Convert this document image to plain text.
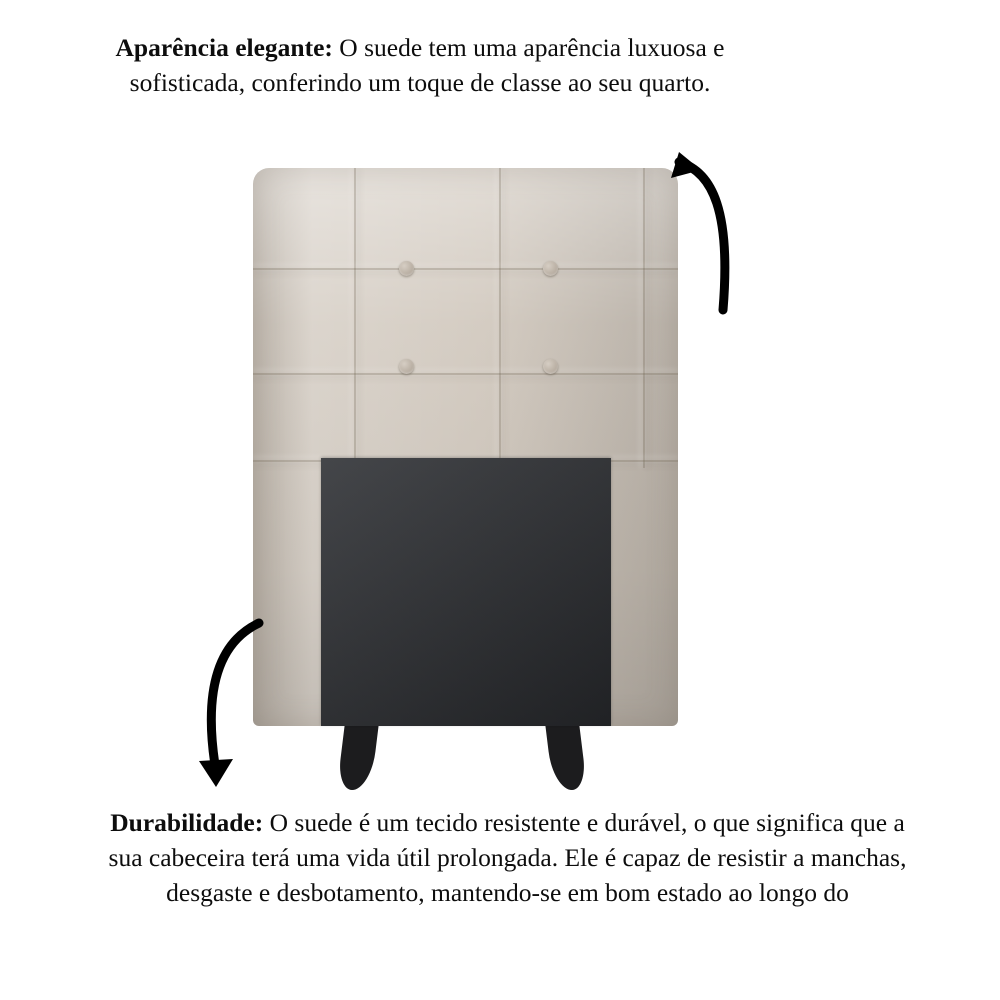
Aparência elegante: O suede tem uma aparência luxuosa e sofisticada, conferindo um toque de classe ao seu quarto.
Durabilidade: O suede é um tecido resistente e durável, o que significa que a sua cabeceira terá uma vida útil prolongada. Ele é capaz de resistir a manchas, desgaste e desbotamento, mantendo-se em bom estado ao longo do
